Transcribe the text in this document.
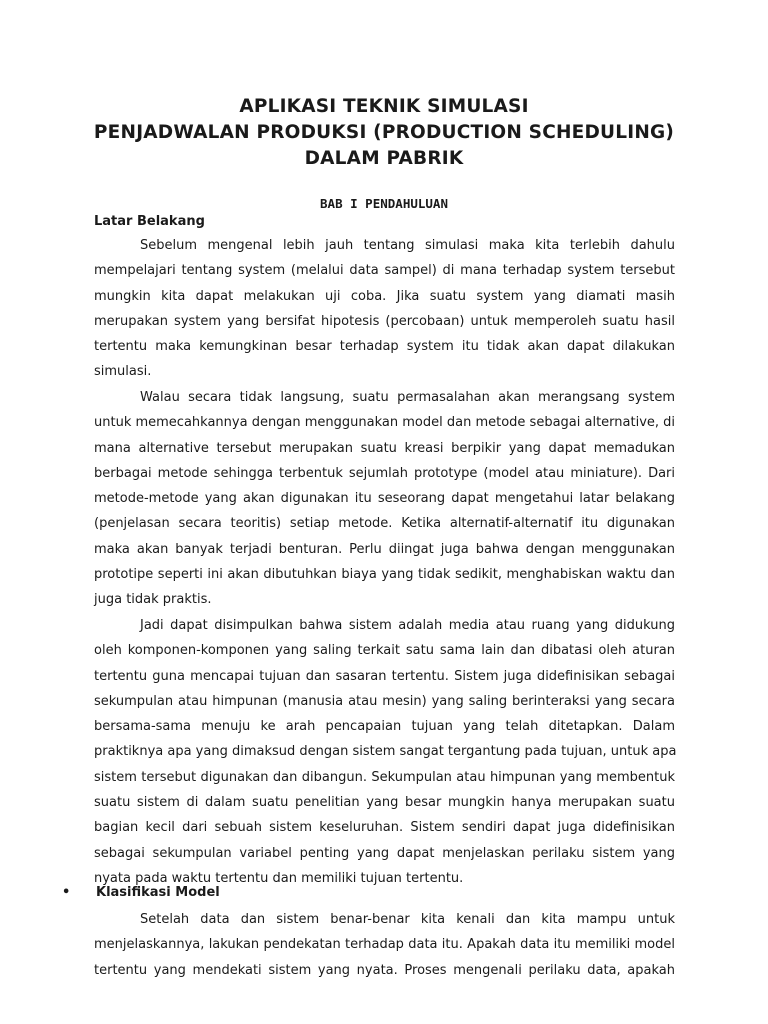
APLIKASI TEKNIK SIMULASI
PENJADWALAN PRODUKSI (PRODUCTION SCHEDULING)
DALAM PABRIK
BAB I PENDAHULUAN
Latar Belakang
Sebelum mengenal lebih jauh tentang simulasi maka kita terlebih dahulu
mempelajari tentang system (melalui data sampel) di mana terhadap system tersebut
mungkin kita dapat melakukan uji coba. Jika suatu system yang diamati masih
merupakan system yang bersifat hipotesis (percobaan) untuk memperoleh suatu hasil
tertentu maka kemungkinan besar terhadap system itu tidak akan dapat dilakukan
simulasi.
Walau secara tidak langsung, suatu permasalahan akan merangsang system
untuk memecahkannya dengan menggunakan model dan metode sebagai alternative, di
mana alternative tersebut merupakan suatu kreasi berpikir yang dapat memadukan
berbagai metode sehingga terbentuk sejumlah prototype (model atau miniature). Dari
metode-metode yang akan digunakan itu seseorang dapat mengetahui latar belakang
(penjelasan secara teoritis) setiap metode. Ketika alternatif-alternatif itu digunakan
maka akan banyak terjadi benturan. Perlu diingat juga bahwa dengan menggunakan
prototipe seperti ini akan dibutuhkan biaya yang tidak sedikit, menghabiskan waktu dan
juga tidak praktis.
Jadi dapat disimpulkan bahwa sistem adalah media atau ruang yang didukung
oleh komponen-komponen yang saling terkait satu sama lain dan dibatasi oleh aturan
tertentu guna mencapai tujuan dan sasaran tertentu. Sistem juga didefinisikan sebagai
sekumpulan atau himpunan (manusia atau mesin) yang saling berinteraksi yang secara
bersama-sama menuju ke arah pencapaian tujuan yang telah ditetapkan. Dalam
praktiknya apa yang dimaksud dengan sistem sangat tergantung pada tujuan, untuk apa
sistem tersebut digunakan dan dibangun. Sekumpulan atau himpunan yang membentuk
suatu sistem di dalam suatu penelitian yang besar mungkin hanya merupakan suatu
bagian kecil dari sebuah sistem keseluruhan. Sistem sendiri dapat juga didefinisikan
sebagai sekumpulan variabel penting yang dapat menjelaskan perilaku sistem yang
nyata pada waktu tertentu dan memiliki tujuan tertentu.
• Klasifikasi Model
Setelah data dan sistem benar-benar kita kenali dan kita mampu untuk
menjelaskannya, lakukan pendekatan terhadap data itu. Apakah data itu memiliki model
tertentu yang mendekati sistem yang nyata. Proses mengenali perilaku data, apakah
